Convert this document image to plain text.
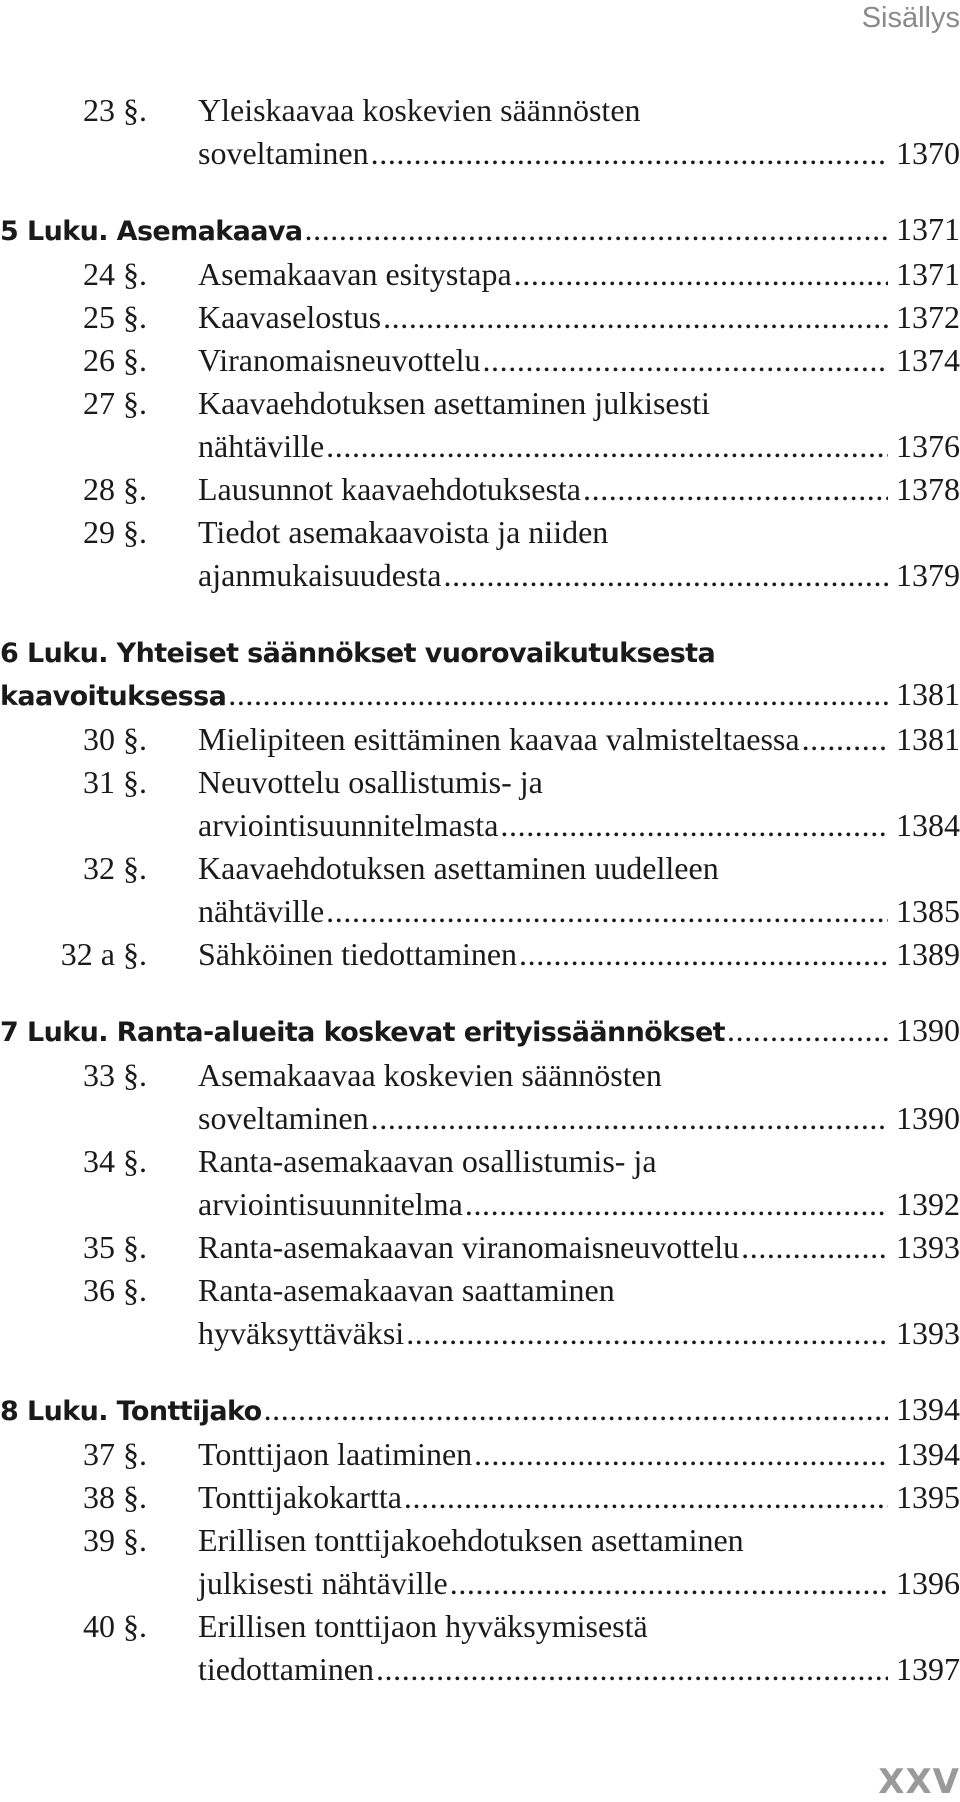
Sisällys
23 §. Yleiskaavaa koskevien säännösten
soveltaminen .....	1370
5 Luku. Asemakaava .....	1371
24 §. Asemakaavan esitystapa .....	1371
25 §. Kaavaselostus .....	1372
26 §. Viranomaisneuvottelu .....	1374
27 §. Kaavaehdotuksen asettaminen julkisesti
nähtäville .....	1376
28 §. Lausunnot kaavaehdotuksesta .....	1378
29 §. Tiedot asemakaavoista ja niiden
ajanmukaisuudesta .....	1379
6 Luku. Yhteiset säännökset vuorovaikutuksesta
kaavoituksessa .....	1381
30 §. Mielipiteen esittäminen kaavaa valmisteltaessa .....	1381
31 §. Neuvottelu osallistumis- ja
arviointisuunnitelmasta .....	1384
32 §. Kaavaehdotuksen asettaminen uudelleen
nähtäville .....	1385
32 a §. Sähköinen tiedottaminen .....	1389
7 Luku. Ranta-alueita koskevat erityissäännökset .....	1390
33 §. Asemakaavaa koskevien säännösten
soveltaminen .....	1390
34 §. Ranta-asemakaavan osallistumis- ja
arviointisuunnitelma .....	1392
35 §. Ranta-asemakaavan viranomaisneuvottelu .....	1393
36 §. Ranta-asemakaavan saattaminen
hyväksyttäväksi .....	1393
8 Luku. Tonttijako .....	1394
37 §. Tonttijaon laatiminen .....	1394
38 §. Tonttijakokartta .....	1395
39 §. Erillisen tonttijakoehdotuksen asettaminen
julkisesti nähtäville .....	1396
40 §. Erillisen tonttijaon hyväksymisestä
tiedottaminen .....	1397
XXV
